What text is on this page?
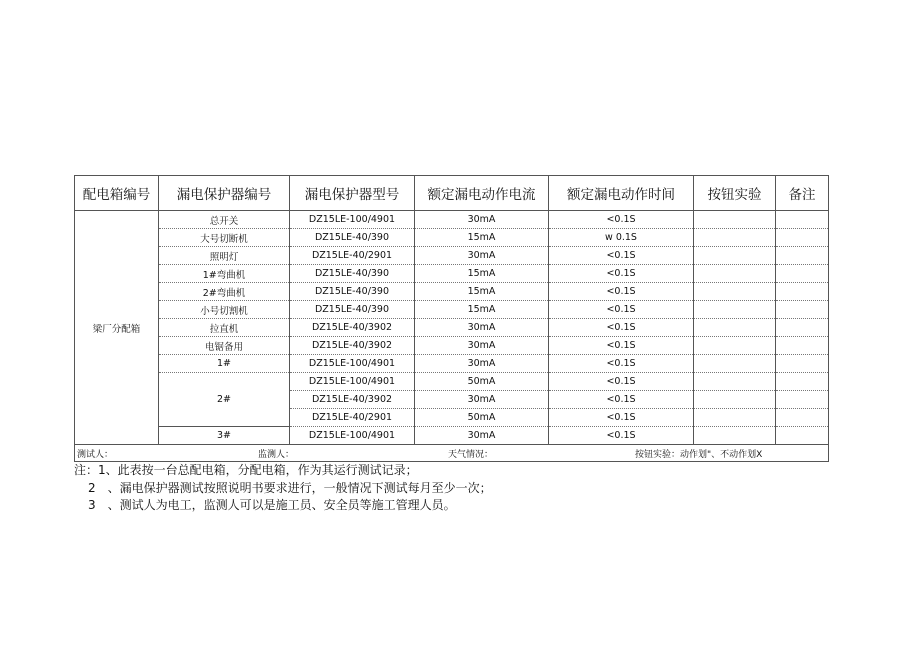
配电箱编号	漏电保护器编号	漏电保护器型号	额定漏电动作电流	额定漏电动作时间	按钮实验	备注
梁厂分配箱	总开关	DZ15LE-100/4901	30mA	<0.1S		
	大号切断机	DZ15LE-40/390	15mA	w 0.1S		
	照明灯	DZ15LE-40/2901	30mA	<0.1S		
	1#弯曲机	DZ15LE-40/390	15mA	<0.1S		
	2#弯曲机	DZ15LE-40/390	15mA	<0.1S		
	小号切割机	DZ15LE-40/390	15mA	<0.1S		
	拉直机	DZ15LE-40/3902	30mA	<0.1S		
	电锯备用	DZ15LE-40/3902	30mA	<0.1S		
	1#	DZ15LE-100/4901	30mA	<0.1S		
	2#	DZ15LE-100/4901	50mA	<0.1S		
		DZ15LE-40/3902	30mA	<0.1S		
		DZ15LE-40/2901	50mA	<0.1S		
	3#	DZ15LE-100/4901	30mA	<0.1S		

测试人： 监测人： 天气情况： 按钮实验：动作划"、不动作划X						
注：1、此表按一台总配电箱，分配电箱，作为其运行测试记录；
2　、漏电保护器测试按照说明书要求进行，一般情况下测试每月至少一次；
3　、测试人为电工，监测人可以是施工员、安全员等施工管理人员。
